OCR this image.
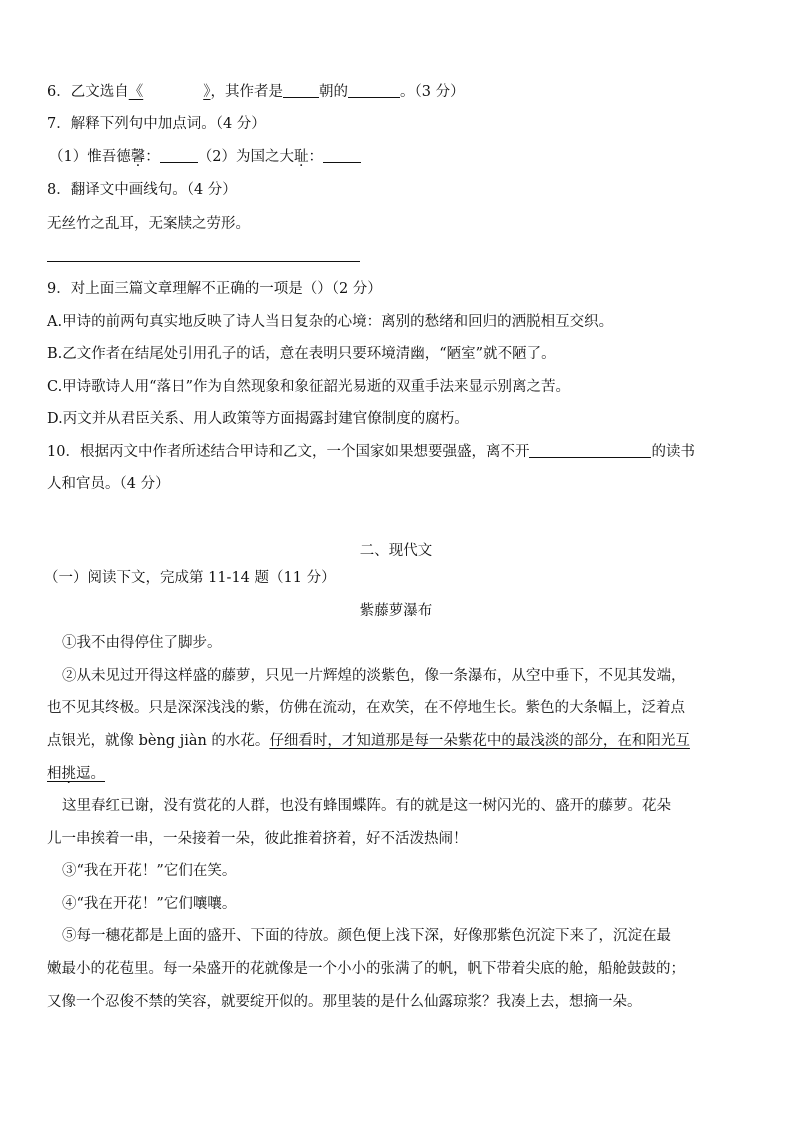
6．乙文选自《	》，其作者是 朝的	。（3 分）
7．解释下列句中加点词。（4 分）
（1）惟吾德馨：	（2）为国之大耻：
8．翻译文中画线句。（4 分）
无丝竹之乱耳，无案牍之劳形。
9．对上面三篇文章理解不正确的一项是（）（2 分）
A.甲诗的前两句真实地反映了诗人当日复杂的心境：离别的愁绪和回归的洒脱相互交织。
B.乙文作者在结尾处引用孔子的话，意在表明只要环境清幽，“陋室”就不陋了。
C.甲诗歌诗人用“落日”作为自然现象和象征韶光易逝的双重手法来显示别离之苦。
D.丙文并从君臣关系、用人政策等方面揭露封建官僚制度的腐朽。
10．根据丙文中作者所述结合甲诗和乙文，一个国家如果想要强盛，离不开	的读书
人和官员。（4 分）
二、现代文
（一）阅读下文，完成第 11-14 题（11 分）
紫藤萝瀑布
①我不由得停住了脚步。
②从未见过开得这样盛的藤萝，只见一片辉煌的淡紫色，像一条瀑布，从空中垂下，不见其发端，
也不见其终极。只是深深浅浅的紫，仿佛在流动，在欢笑，在不停地生长。紫色的大条幅上，泛着点
点银光，就像 bèng jiàn 的水花。仔细看时，才知道那是每一朵紫花中的最浅淡的部分，在和阳光互
相挑逗。
这里春红已谢，没有赏花的人群，也没有蜂围蝶阵。有的就是这一树闪光的、盛开的藤萝。花朵
儿一串挨着一串，一朵接着一朵，彼此推着挤着，好不活泼热闹！
③“我在开花！”它们在笑。
④“我在开花！”它们嚷嚷。
⑤每一穗花都是上面的盛开、下面的待放。颜色便上浅下深，好像那紫色沉淀下来了，沉淀在最
嫩最小的花苞里。每一朵盛开的花就像是一个小小的张满了的帆，帆下带着尖底的舱，船舱鼓鼓的；
又像一个忍俊不禁的笑容，就要绽开似的。那里装的是什么仙露琼浆？我凑上去，想摘一朵。
